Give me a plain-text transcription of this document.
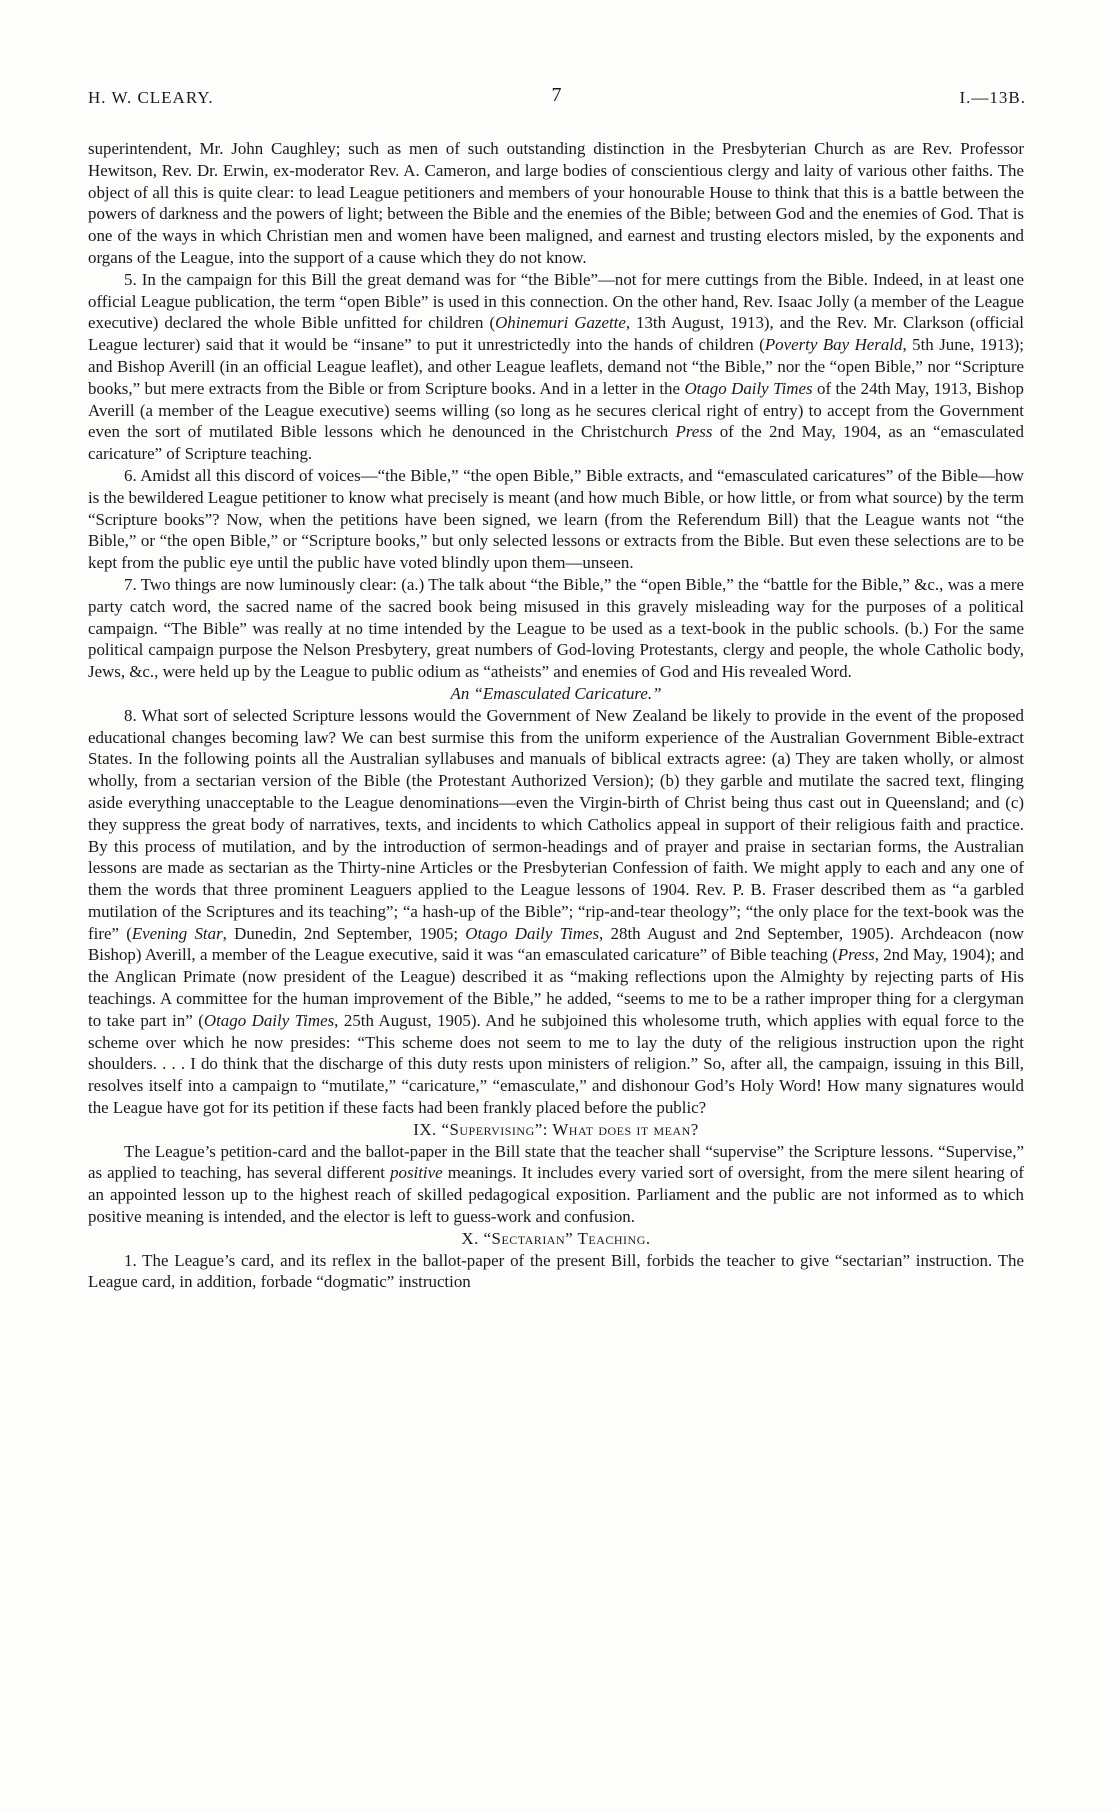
H. W. CLEARY.	7	I.—13B.

superintendent, Mr. John Caughley; such as men of such outstanding distinction in the Presbyterian Church as are Rev. Professor Hewitson, Rev. Dr. Erwin, ex-moderator Rev. A. Cameron, and large bodies of conscientious clergy and laity of various other faiths. The object of all this is quite clear: to lead League petitioners and members of your honourable House to think that this is a battle between the powers of darkness and the powers of light; between the Bible and the enemies of the Bible; between God and the enemies of God. That is one of the ways in which Christian men and women have been maligned, and earnest and trusting electors misled, by the exponents and organs of the League, into the support of a cause which they do not know.

5. In the campaign for this Bill the great demand was for “the Bible”—not for mere cuttings from the Bible. Indeed, in at least one official League publication, the term “open Bible” is used in this connection. On the other hand, Rev. Isaac Jolly (a member of the League executive) declared the whole Bible unfitted for children (Ohinemuri Gazette, 13th August, 1913), and the Rev. Mr. Clarkson (official League lecturer) said that it would be “insane” to put it unrestrictedly into the hands of children (Poverty Bay Herald, 5th June, 1913); and Bishop Averill (in an official League leaflet), and other League leaflets, demand not “the Bible,” nor the “open Bible,” nor “Scripture books,” but mere extracts from the Bible or from Scripture books. And in a letter in the Otago Daily Times of the 24th May, 1913, Bishop Averill (a member of the League executive) seems willing (so long as he secures clerical right of entry) to accept from the Government even the sort of mutilated Bible lessons which he denounced in the Christchurch Press of the 2nd May, 1904, as an “emasculated caricature” of Scripture teaching.

6. Amidst all this discord of voices—“the Bible,” “the open Bible,” Bible extracts, and “emasculated caricatures” of the Bible—how is the bewildered League petitioner to know what precisely is meant (and how much Bible, or how little, or from what source) by the term “Scripture books”? Now, when the petitions have been signed, we learn (from the Referendum Bill) that the League wants not “the Bible,” or “the open Bible,” or “Scripture books,” but only selected lessons or extracts from the Bible. But even these selections are to be kept from the public eye until the public have voted blindly upon them—unseen.

7. Two things are now luminously clear: (a.) The talk about “the Bible,” the “open Bible,” the “battle for the Bible,” &c., was a mere party catch word, the sacred name of the sacred book being misused in this gravely misleading way for the purposes of a political campaign. “The Bible” was really at no time intended by the League to be used as a text-book in the public schools. (b.) For the same political campaign purpose the Nelson Presbytery, great numbers of God-loving Protestants, clergy and people, the whole Catholic body, Jews, &c., were held up by the League to public odium as “atheists” and enemies of God and His revealed Word.

An “Emasculated Caricature.”

8. What sort of selected Scripture lessons would the Government of New Zealand be likely to provide in the event of the proposed educational changes becoming law? We can best surmise this from the uniform experience of the Australian Government Bible-extract States. In the following points all the Australian syllabuses and manuals of biblical extracts agree: (a) They are taken wholly, or almost wholly, from a sectarian version of the Bible (the Protestant Authorized Version); (b) they garble and mutilate the sacred text, flinging aside everything unacceptable to the League denominations—even the Virgin-birth of Christ being thus cast out in Queensland; and (c) they suppress the great body of narratives, texts, and incidents to which Catholics appeal in support of their religious faith and practice. By this process of mutilation, and by the introduction of sermon-headings and of prayer and praise in sectarian forms, the Australian lessons are made as sectarian as the Thirty-nine Articles or the Presbyterian Confession of faith. We might apply to each and any one of them the words that three prominent Leaguers applied to the League lessons of 1904. Rev. P. B. Fraser described them as “a garbled mutilation of the Scriptures and its teaching”; “a hash-up of the Bible”; “rip-and-tear theology”; “the only place for the text-book was the fire” (Evening Star, Dunedin, 2nd September, 1905; Otago Daily Times, 28th August and 2nd September, 1905). Archdeacon (now Bishop) Averill, a member of the League executive, said it was “an emasculated caricature” of Bible teaching (Press, 2nd May, 1904); and the Anglican Primate (now president of the League) described it as “making reflections upon the Almighty by rejecting parts of His teachings. A committee for the human improvement of the Bible,” he added, “seems to me to be a rather improper thing for a clergyman to take part in” (Otago Daily Times, 25th August, 1905). And he subjoined this wholesome truth, which applies with equal force to the scheme over which he now presides: “This scheme does not seem to me to lay the duty of the religious instruction upon the right shoulders. . . . I do think that the discharge of this duty rests upon ministers of religion.” So, after all, the campaign, issuing in this Bill, resolves itself into a campaign to “mutilate,” “caricature,” “emasculate,” and dishonour God’s Holy Word! How many signatures would the League have got for its petition if these facts had been frankly placed before the public?

IX. “Supervising”: What does it mean?

The League’s petition-card and the ballot-paper in the Bill state that the teacher shall “supervise” the Scripture lessons. “Supervise,” as applied to teaching, has several different positive meanings. It includes every varied sort of oversight, from the mere silent hearing of an appointed lesson up to the highest reach of skilled pedagogical exposition. Parliament and the public are not informed as to which positive meaning is intended, and the elector is left to guess-work and confusion.

X. “Sectarian” Teaching.

1. The League’s card, and its reflex in the ballot-paper of the present Bill, forbids the teacher to give “sectarian” instruction. The League card, in addition, forbade “dogmatic” instruction
